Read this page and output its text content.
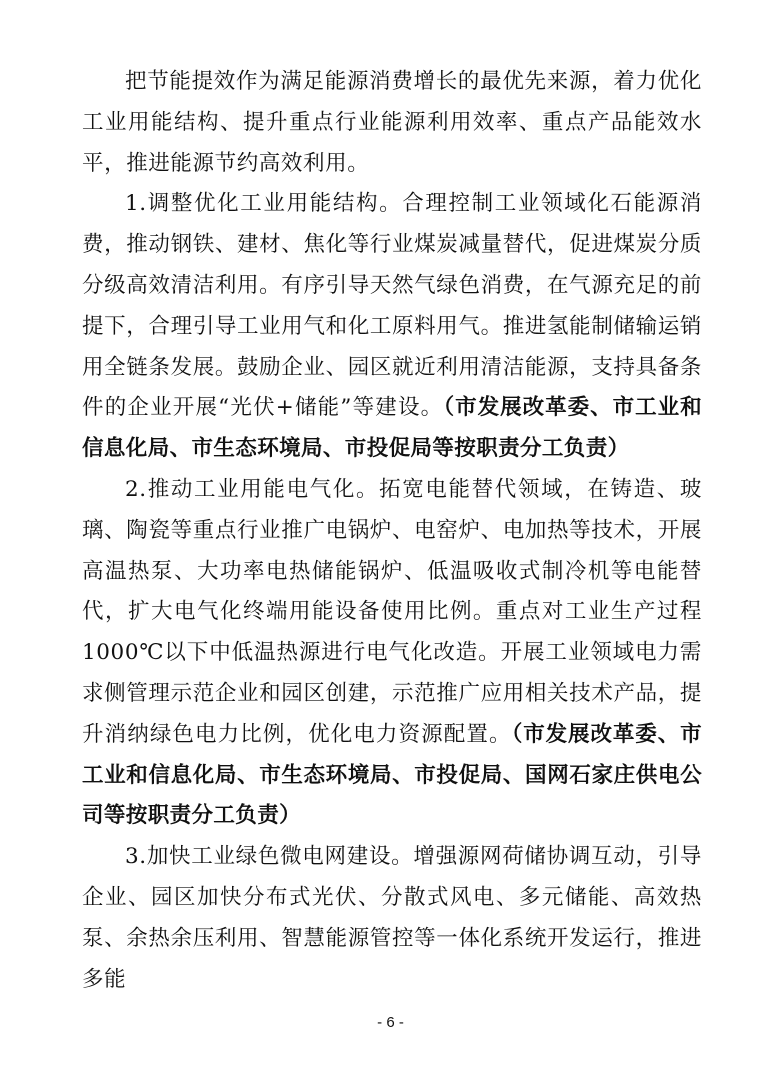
把节能提效作为满足能源消费增长的最优先来源，着力优化工业用能结构、提升重点行业能源利用效率、重点产品能效水平，推进能源节约高效利用。

1.调整优化工业用能结构。合理控制工业领域化石能源消费，推动钢铁、建材、焦化等行业煤炭减量替代，促进煤炭分质分级高效清洁利用。有序引导天然气绿色消费，在气源充足的前提下，合理引导工业用气和化工原料用气。推进氢能制储输运销用全链条发展。鼓励企业、园区就近利用清洁能源，支持具备条件的企业开展“光伏+储能”等建设。（市发展改革委、市工业和信息化局、市生态环境局、市投促局等按职责分工负责）

2.推动工业用能电气化。拓宽电能替代领域，在铸造、玻璃、陶瓷等重点行业推广电锅炉、电窑炉、电加热等技术，开展高温热泵、大功率电热储能锅炉、低温吸收式制冷机等电能替代，扩大电气化终端用能设备使用比例。重点对工业生产过程1000℃以下中低温热源进行电气化改造。开展工业领域电力需求侧管理示范企业和园区创建，示范推广应用相关技术产品，提升消纳绿色电力比例，优化电力资源配置。（市发展改革委、市工业和信息化局、市生态环境局、市投促局、国网石家庄供电公司等按职责分工负责）

3.加快工业绿色微电网建设。增强源网荷储协调互动，引导企业、园区加快分布式光伏、分散式风电、多元储能、高效热泵、余热余压利用、智慧能源管控等一体化系统开发运行，推进多能

- 6 -
